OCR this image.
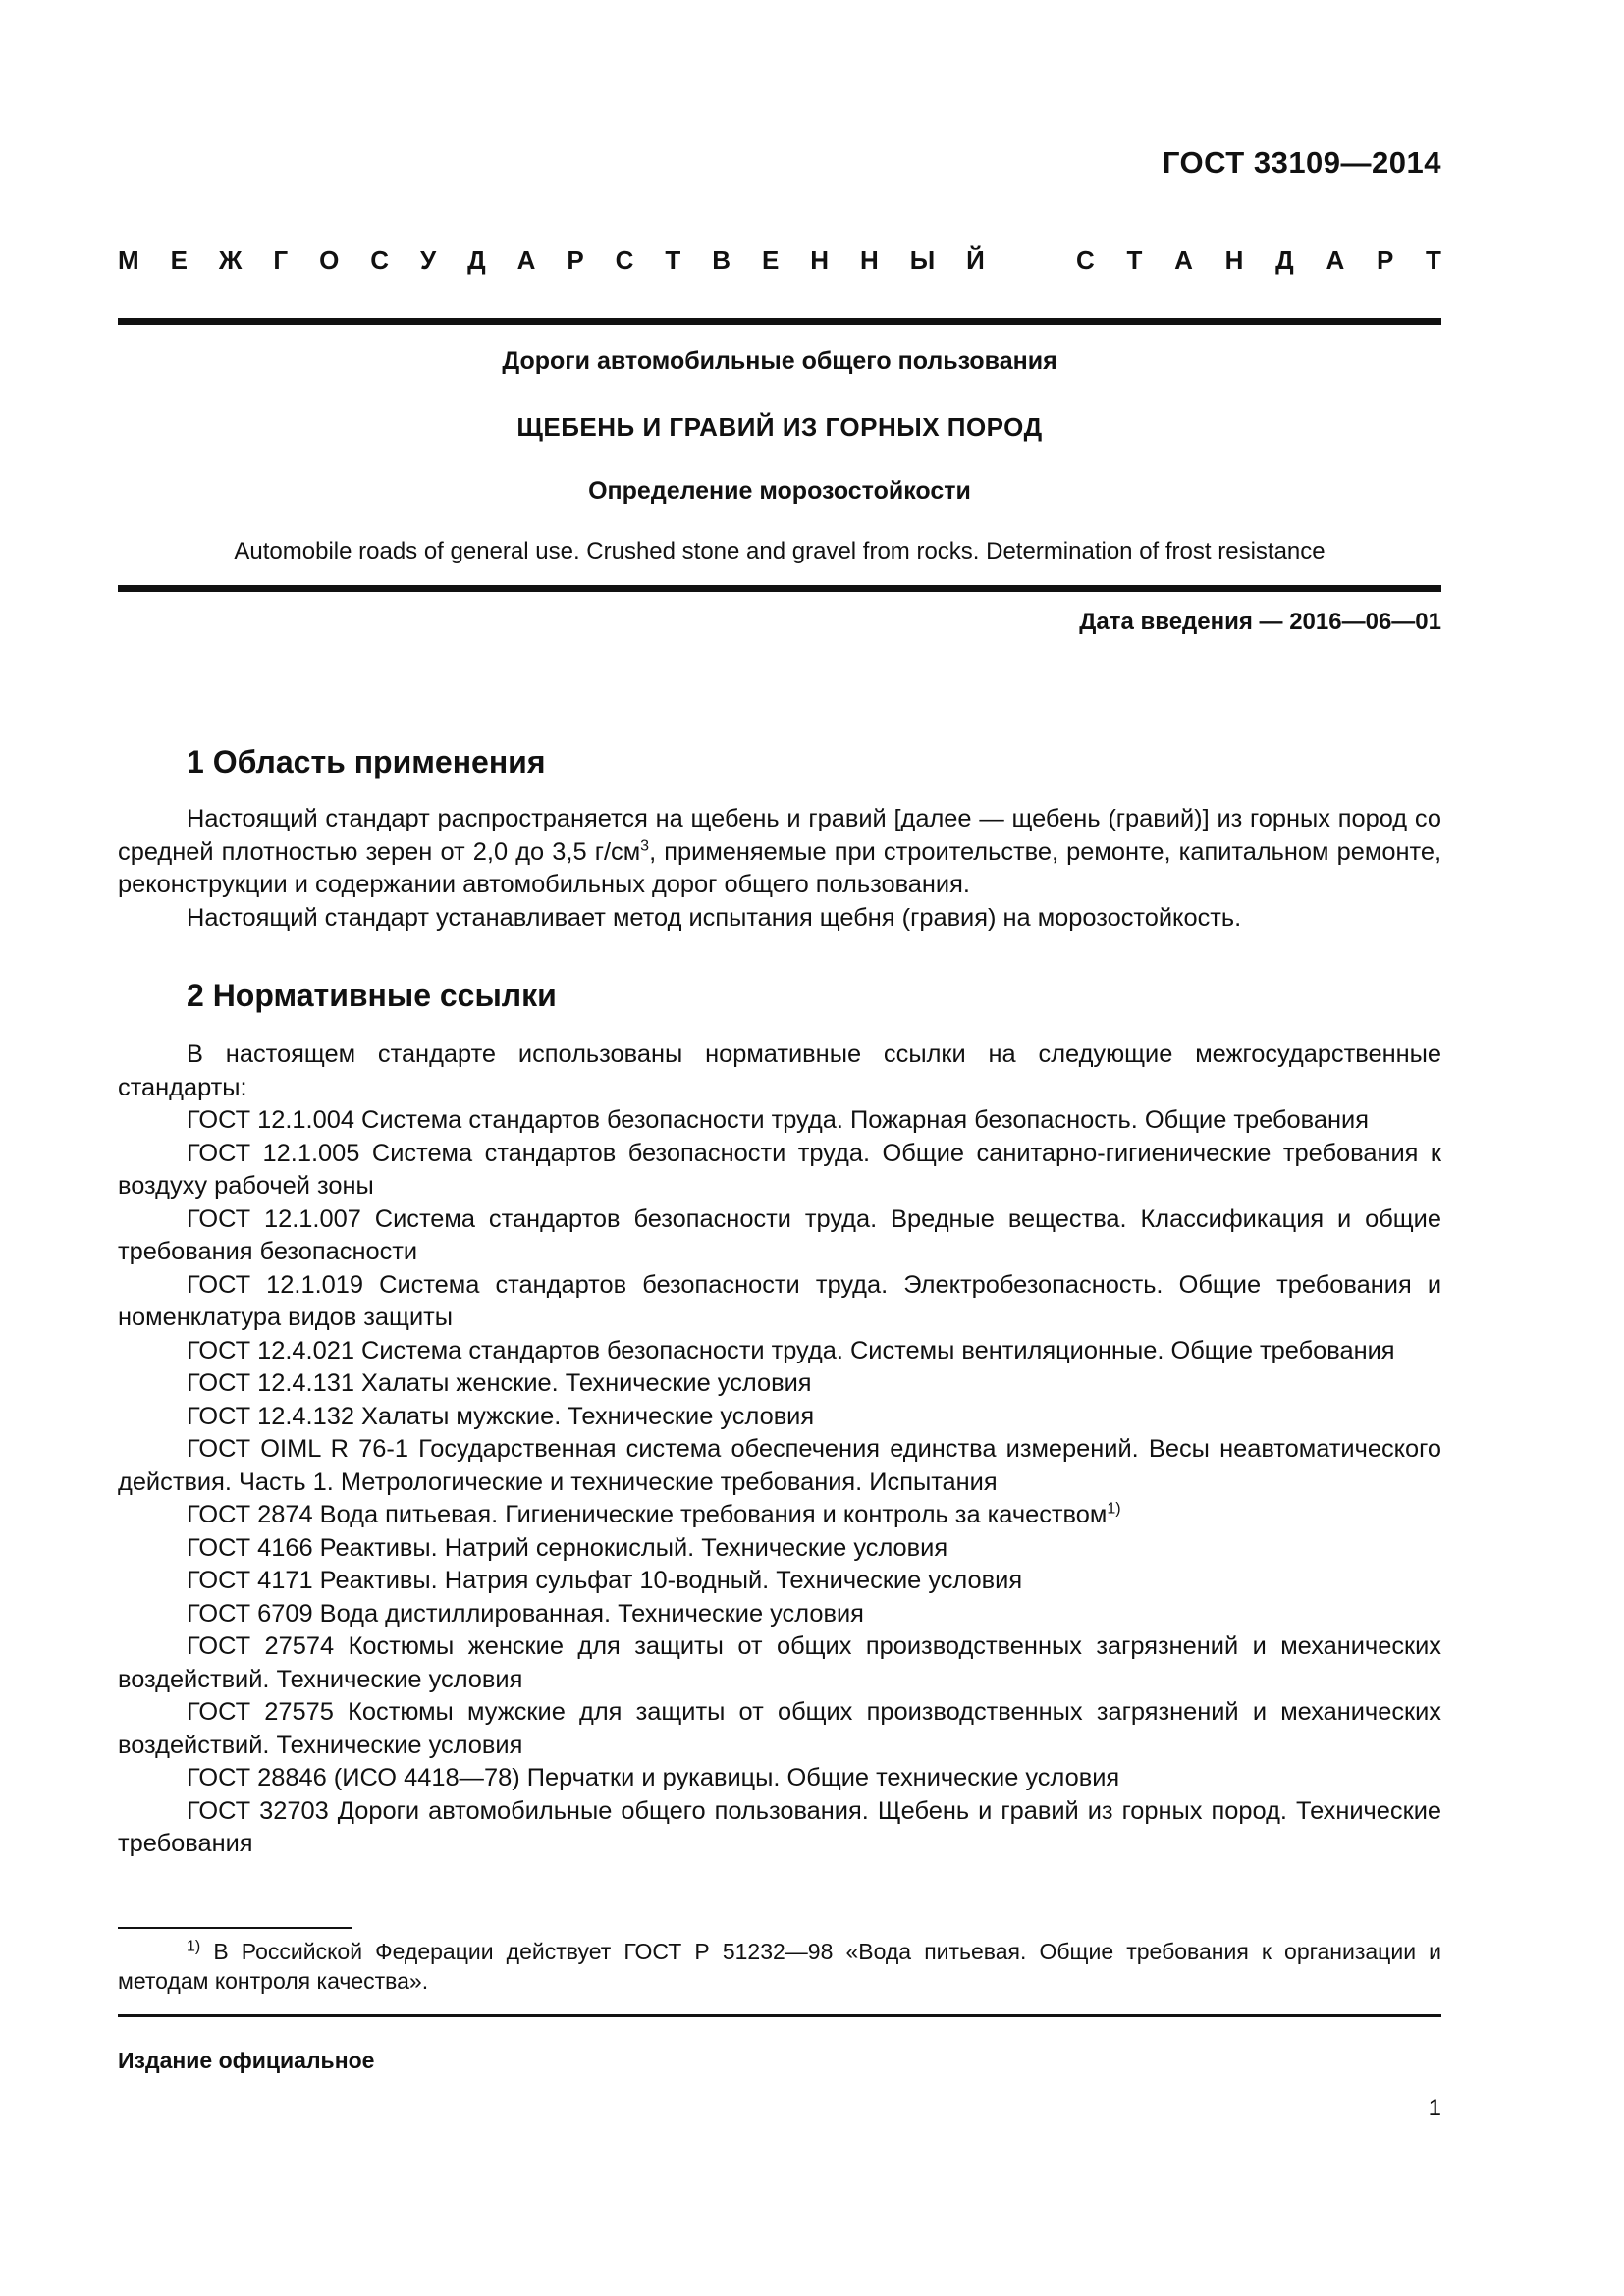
ГОСТ 33109—2014
М Е Ж Г О С У Д А Р С Т В Е Н Н Ы Й	С Т А Н Д А Р Т
Дороги автомобильные общего пользования
ЩЕБЕНЬ И ГРАВИЙ ИЗ ГОРНЫХ ПОРОД
Определение морозостойкости
Automobile roads of general use. Crushed stone and gravel from rocks. Determination of frost resistance
Дата введения — 2016—06—01
1 Область применения

Настоящий стандарт распространяется на щебень и гравий [далее — щебень (гравий)] из горных пород со средней плотностью зерен от 2,0 до 3,5 $г/см^3$, применяемые при строительстве, ремонте, капитальном ремонте, реконструкции и содержании автомобильных дорог общего пользования.

Настоящий стандарт устанавливает метод испытания щебня (гравия) на морозостойкость.

2 Нормативные ссылки

В настоящем стандарте использованы нормативные ссылки на следующие межгосударственные стандарты:

ГОСТ 12.1.004 Система стандартов безопасности труда. Пожарная безопасность. Общие требования

ГОСТ 12.1.005 Система стандартов безопасности труда. Общие санитарно-гигиенические требования к воздуху рабочей зоны

ГОСТ 12.1.007 Система стандартов безопасности труда. Вредные вещества. Классификация и общие требования безопасности

ГОСТ 12.1.019 Система стандартов безопасности труда. Электробезопасность. Общие требования и номенклатура видов защиты

ГОСТ 12.4.021 Система стандартов безопасности труда. Системы вентиляционные. Общие требования

ГОСТ 12.4.131 Халаты женские. Технические условия

ГОСТ 12.4.132 Халаты мужские. Технические условия

ГОСТ OIML R 76-1 Государственная система обеспечения единства измерений. Весы неавтоматического действия. Часть 1. Метрологические и технические требования. Испытания

ГОСТ 2874 Вода питьевая. Гигиенические требования и контроль за качеством$^{1)}$

ГОСТ 4166 Реактивы. Натрий сернокислый. Технические условия

ГОСТ 4171 Реактивы. Натрия сульфат 10-водный. Технические условия

ГОСТ 6709 Вода дистиллированная. Технические условия

ГОСТ 27574 Костюмы женские для защиты от общих производственных загрязнений и механических воздействий. Технические условия

ГОСТ 27575 Костюмы мужские для защиты от общих производственных загрязнений и механических воздействий. Технические условия

ГОСТ 28846 (ИСО 4418—78) Перчатки и рукавицы. Общие технические условия

ГОСТ 32703 Дороги автомобильные общего пользования. Щебень и гравий из горных пород. Технические требования

$^{1)}$ В Российской Федерации действует ГОСТ Р 51232—98 «Вода питьевая. Общие требования к организации и методам контроля качества».

Издание официальное
1
